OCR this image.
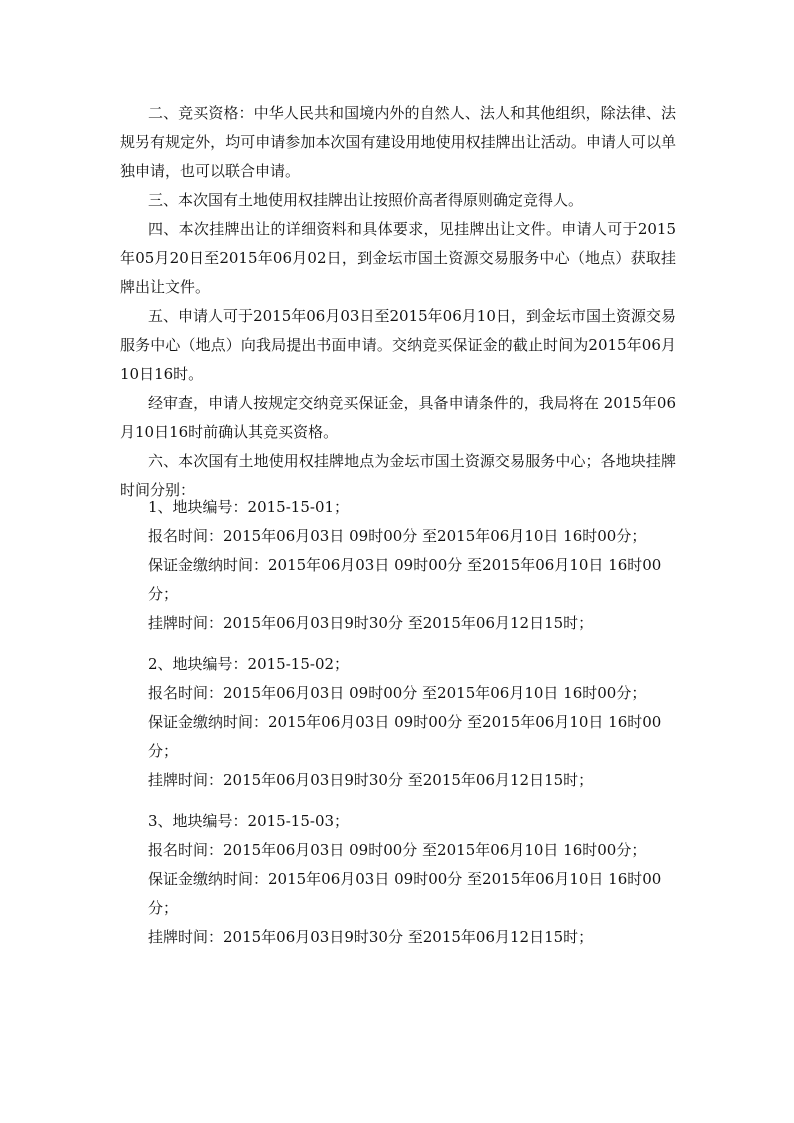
二、竞买资格：中华人民共和国境内外的自然人、法人和其他组织，除法律、法规另有规定外，均可申请参加本次国有建设用地使用权挂牌出让活动。申请人可以单独申请，也可以联合申请。

三、本次国有土地使用权挂牌出让按照价高者得原则确定竞得人。

四、本次挂牌出让的详细资料和具体要求，见挂牌出让文件。申请人可于2015年05月20日至2015年06月02日，到金坛市国土资源交易服务中心（地点）获取挂牌出让文件。

五、申请人可于2015年06月03日至2015年06月10日，到金坛市国土资源交易服务中心（地点）向我局提出书面申请。交纳竞买保证金的截止时间为2015年06月10日16时。

经审查，申请人按规定交纳竞买保证金，具备申请条件的，我局将在 2015年06月10日16时前确认其竞买资格。

六、本次国有土地使用权挂牌地点为金坛市国土资源交易服务中心；各地块挂牌时间分别：

1、地块编号：2015-15-01；

报名时间：2015年06月03日 09时00分 至2015年06月10日 16时00分；

保证金缴纳时间：2015年06月03日 09时00分 至2015年06月10日 16时00分；

挂牌时间：2015年06月03日9时30分 至2015年06月12日15时；

2、地块编号：2015-15-02；

报名时间：2015年06月03日 09时00分 至2015年06月10日 16时00分；

保证金缴纳时间：2015年06月03日 09时00分 至2015年06月10日 16时00分；

挂牌时间：2015年06月03日9时30分 至2015年06月12日15时；

3、地块编号：2015-15-03；

报名时间：2015年06月03日 09时00分 至2015年06月10日 16时00分；

保证金缴纳时间：2015年06月03日 09时00分 至2015年06月10日 16时00分；

挂牌时间：2015年06月03日9时30分 至2015年06月12日15时；
